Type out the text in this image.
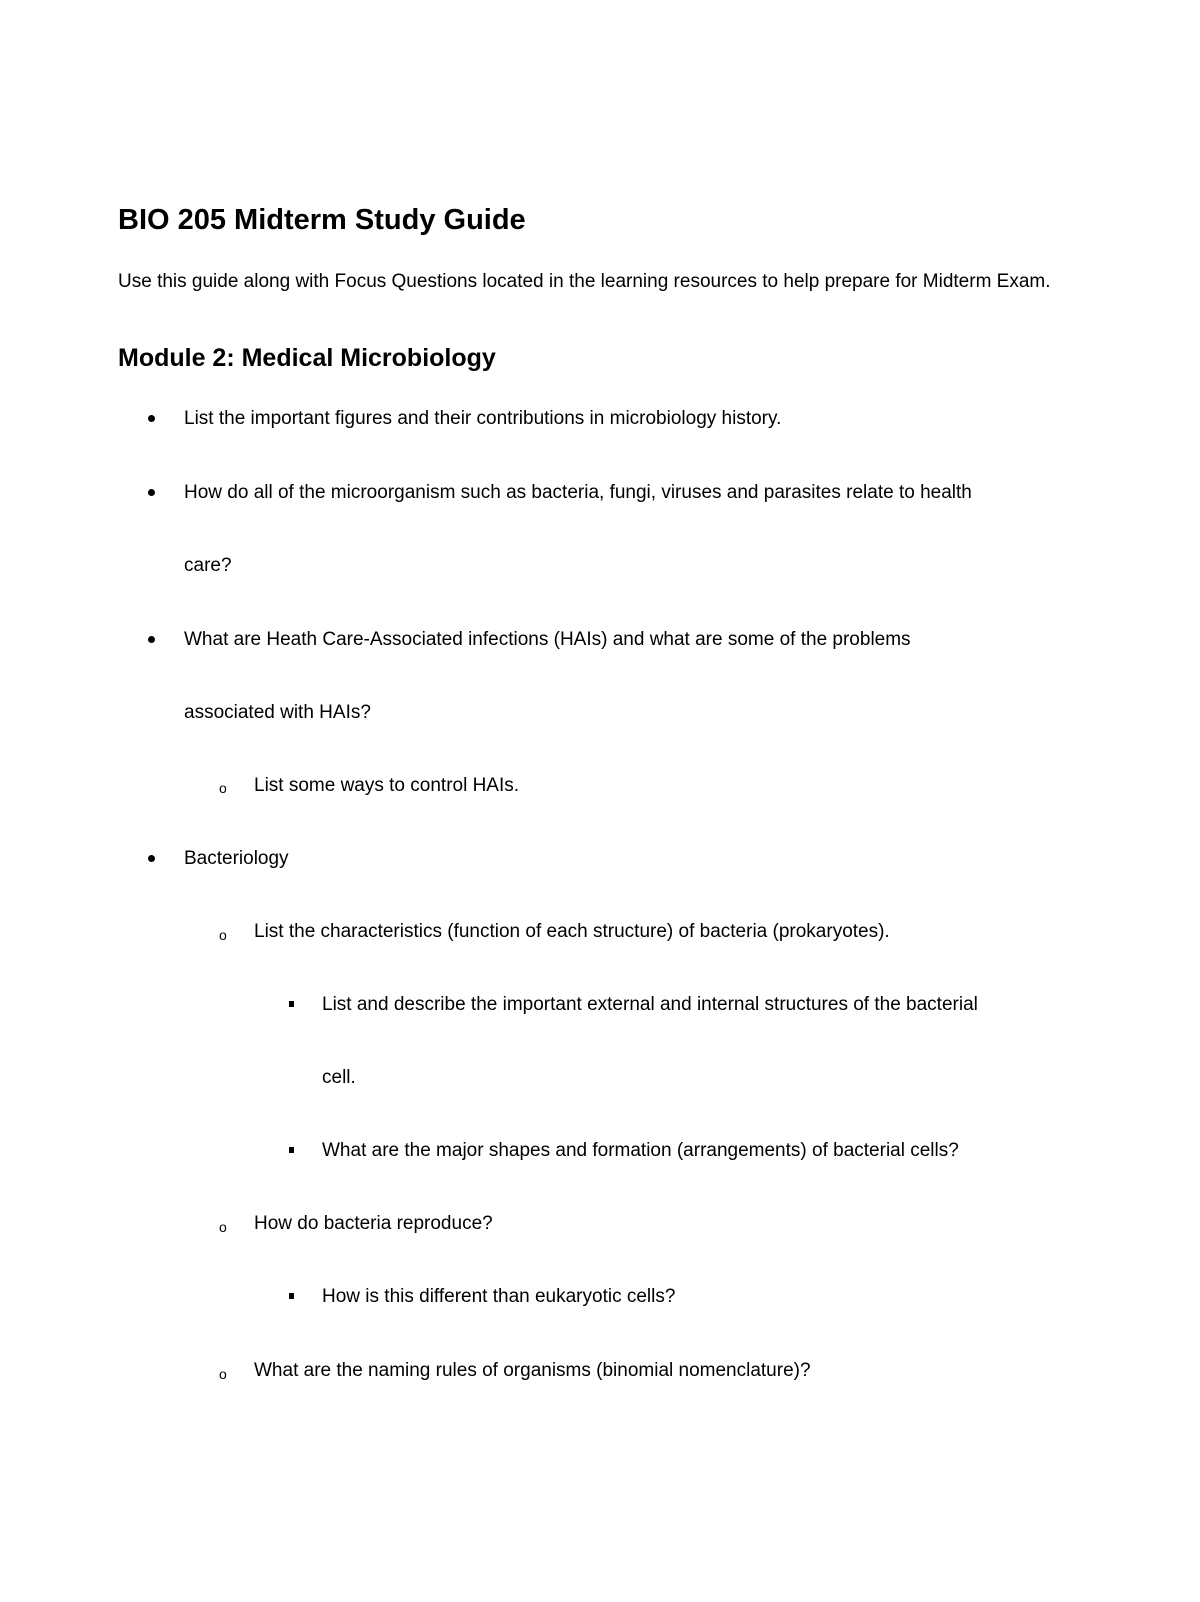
BIO 205 Midterm Study Guide

Use this guide along with Focus Questions located in the learning resources to help prepare for Midterm Exam.

Module 2: Medical Microbiology

List the important figures and their contributions in microbiology history.

How do all of the microorganism such as bacteria, fungi, viruses and parasites relate to health

care?

What are Heath Care-Associated infections (HAIs) and what are some of the problems

associated with HAIs?

o List some ways to control HAIs.

Bacteriology

o List the characteristics (function of each structure) of bacteria (prokaryotes).

List and describe the important external and internal structures of the bacterial

cell.

What are the major shapes and formation (arrangements) of bacterial cells?

o How do bacteria reproduce?

How is this different than eukaryotic cells?

o What are the naming rules of organisms (binomial nomenclature)?
